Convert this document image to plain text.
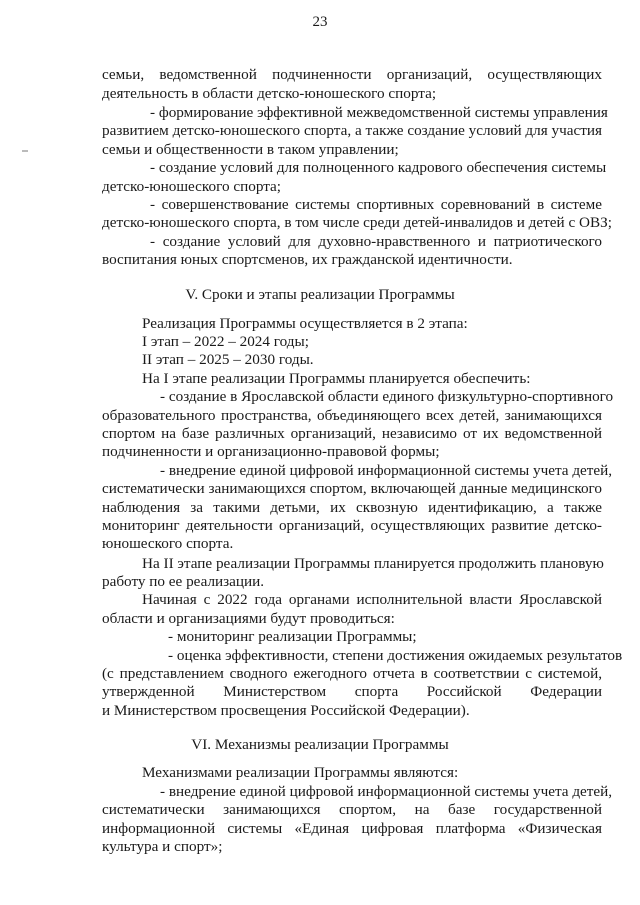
23
семьи, ведомственной подчиненности организаций, осуществляющих
деятельность в области детско-юношеского спорта;
- формирование эффективной межведомственной системы управления
развитием детско-юношеского спорта, а также создание условий для участия
семьи и общественности в таком управлении;
- создание условий для полноценного кадрового обеспечения системы
детско-юношеского спорта;
- совершенствование системы спортивных соревнований в системе
детско-юношеского спорта, в том числе среди детей-инвалидов и детей с ОВЗ;
- создание условий для духовно-нравственного и патриотического
воспитания юных спортсменов, их гражданской идентичности.
V. Сроки и этапы реализации Программы
Реализация Программы осуществляется в 2 этапа:
I этап – 2022 – 2024 годы;
II этап – 2025 – 2030 годы.
На I этапе реализации Программы планируется обеспечить:
- создание в Ярославской области единого физкультурно-спортивного
образовательного пространства, объединяющего всех детей, занимающихся
спортом на базе различных организаций, независимо от их ведомственной
подчиненности и организационно-правовой формы;
- внедрение единой цифровой информационной системы учета детей,
систематически занимающихся спортом, включающей данные медицинского
наблюдения за такими детьми, их сквозную идентификацию, а также
мониторинг деятельности организаций, осуществляющих развитие детско-
юношеского спорта.
На II этапе реализации Программы планируется продолжить плановую
работу по ее реализации.
Начиная с 2022 года органами исполнительной власти Ярославской
области и организациями будут проводиться:
- мониторинг реализации Программы;
- оценка эффективности, степени достижения ожидаемых результатов
(с представлением сводного ежегодного отчета в соответствии с системой,
утвержденной Министерством спорта Российской Федерации
и Министерством просвещения Российской Федерации).
VI. Механизмы реализации Программы
Механизмами реализации Программы являются:
- внедрение единой цифровой информационной системы учета детей,
систематически занимающихся спортом, на базе государственной
информационной системы «Единая цифровая платформа «Физическая
культура и спорт»;
